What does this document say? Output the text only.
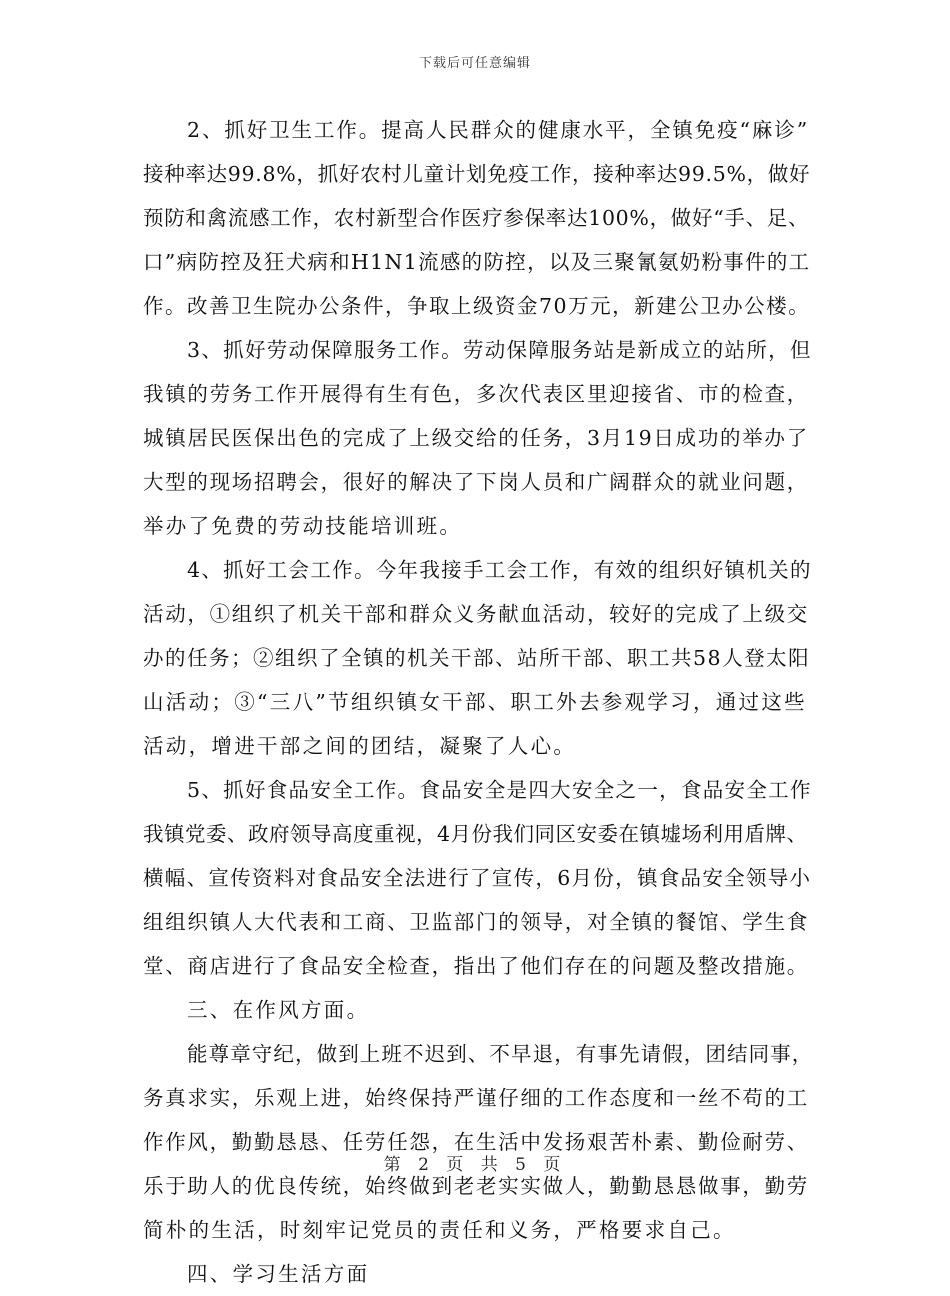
下载后可任意编辑
2、抓好卫生工作。提高人民群众的健康水平，全镇免疫“麻诊”
接种率达99.8%，抓好农村儿童计划免疫工作，接种率达99.5%，做好
预防和禽流感工作，农村新型合作医疗参保率达100%，做好“手、足、
口”病防控及狂犬病和H1N1流感的防控，以及三聚氰氨奶粉事件的工
作。改善卫生院办公条件，争取上级资金70万元，新建公卫办公楼。
3、抓好劳动保障服务工作。劳动保障服务站是新成立的站所，但
我镇的劳务工作开展得有生有色，多次代表区里迎接省、市的检查，
城镇居民医保出色的完成了上级交给的任务，3月19日成功的举办了
大型的现场招聘会，很好的解决了下岗人员和广阔群众的就业问题，
举办了免费的劳动技能培训班。
4、抓好工会工作。今年我接手工会工作，有效的组织好镇机关的
活动，①组织了机关干部和群众义务献血活动，较好的完成了上级交
办的任务；②组织了全镇的机关干部、站所干部、职工共58人登太阳
山活动；③“三八”节组织镇女干部、职工外去参观学习，通过这些
活动，增进干部之间的团结，凝聚了人心。
5、抓好食品安全工作。食品安全是四大安全之一，食品安全工作
我镇党委、政府领导高度重视，4月份我们同区安委在镇墟场利用盾牌、
横幅、宣传资料对食品安全法进行了宣传，6月份，镇食品安全领导小
组组织镇人大代表和工商、卫监部门的领导，对全镇的餐馆、学生食
堂、商店进行了食品安全检查，指出了他们存在的问题及整改措施。
三、在作风方面。
能尊章守纪，做到上班不迟到、不早退，有事先请假，团结同事，
务真求实，乐观上进，始终保持严谨仔细的工作态度和一丝不苟的工
作作风，勤勤恳恳、任劳任怨，在生活中发扬艰苦朴素、勤俭耐劳、
乐于助人的优良传统，始终做到老老实实做人，勤勤恳恳做事，勤劳
简朴的生活，时刻牢记党员的责任和义务，严格要求自己。
四、学习生活方面
第 2 页 共 5 页
